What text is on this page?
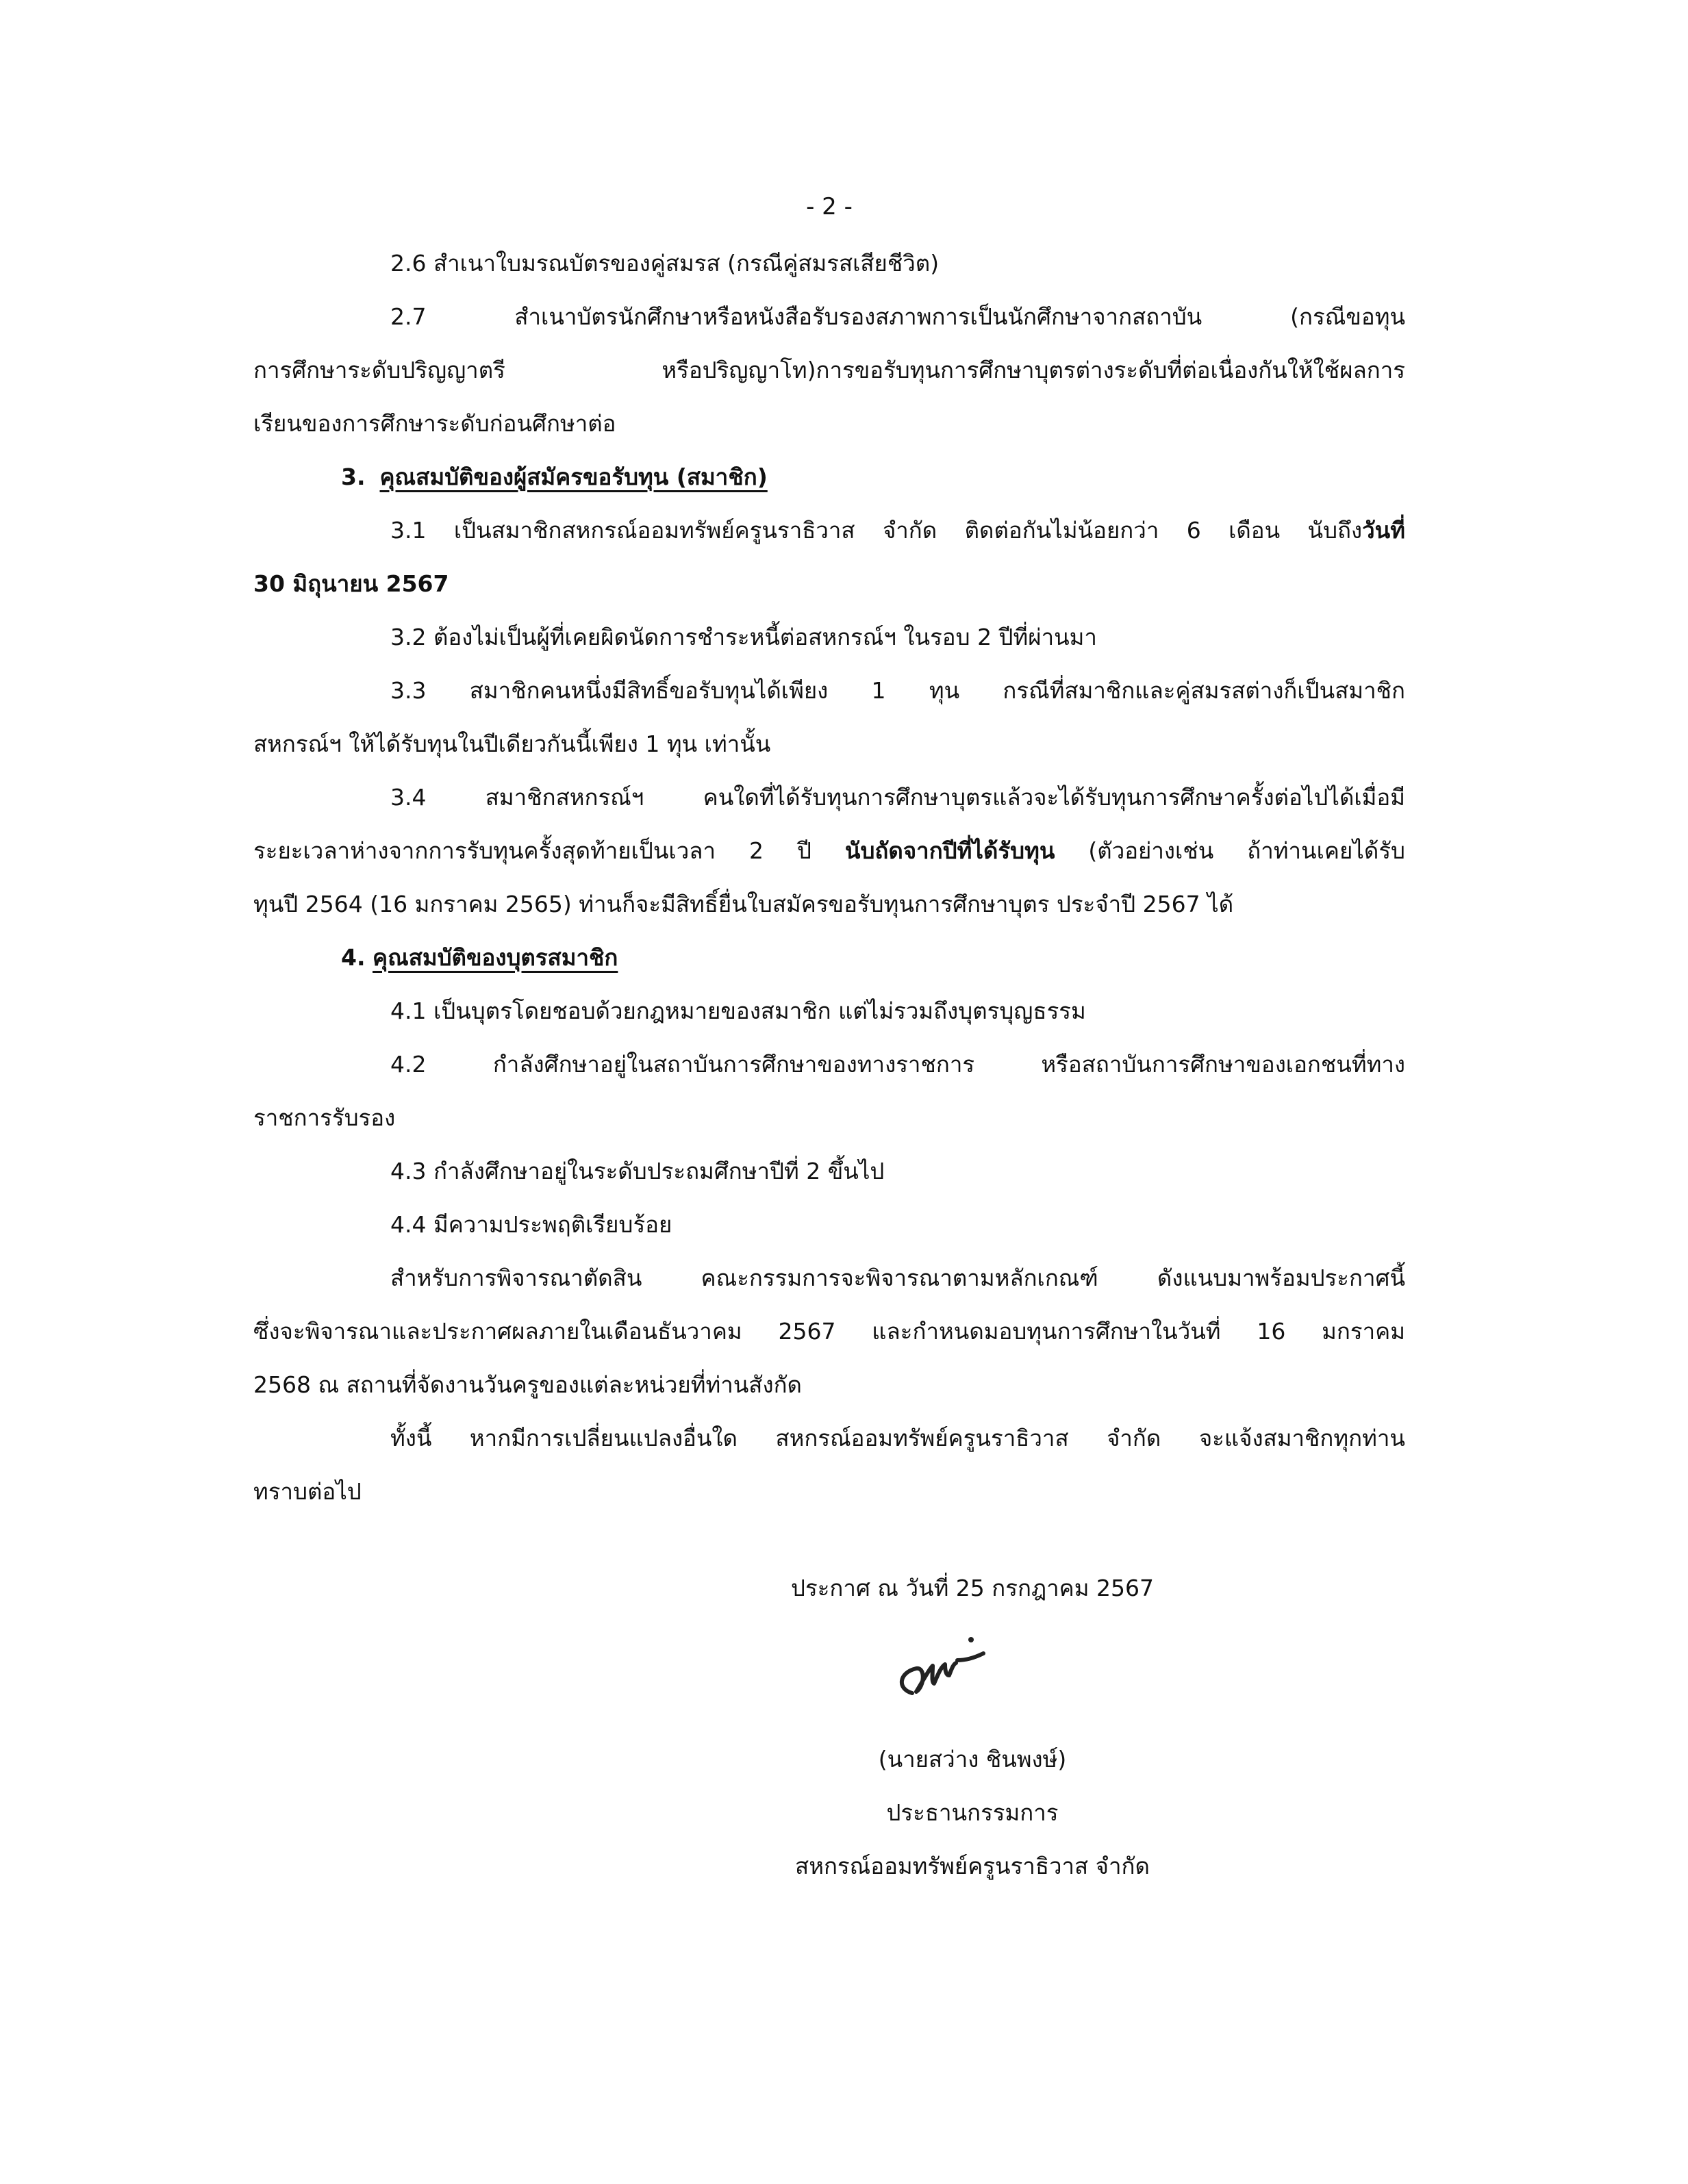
- 2 -
2.6 สำเนาใบมรณบัตรของคู่สมรส (กรณีคู่สมรสเสียชีวิต)
2.7 สำเนาบัตรนักศึกษาหรือหนังสือรับรองสภาพการเป็นนักศึกษาจากสถาบัน (กรณีขอทุน
การศึกษาระดับปริญญาตรี หรือปริญญาโท)การขอรับทุนการศึกษาบุตรต่างระดับที่ต่อเนื่องกันให้ใช้ผลการ
เรียนของการศึกษาระดับก่อนศึกษาต่อ
3. คุณสมบัติของผู้สมัครขอรับทุน (สมาชิก)
3.1 เป็นสมาชิกสหกรณ์ออมทรัพย์ครูนราธิวาส จำกัด ติดต่อกันไม่น้อยกว่า 6 เดือน นับถึงวันที่
30 มิถุนายน 2567
3.2 ต้องไม่เป็นผู้ที่เคยผิดนัดการชำระหนี้ต่อสหกรณ์ฯ ในรอบ 2 ปีที่ผ่านมา
3.3 สมาชิกคนหนึ่งมีสิทธิ์ขอรับทุนได้เพียง 1 ทุน กรณีที่สมาชิกและคู่สมรสต่างก็เป็นสมาชิก
สหกรณ์ฯ ให้ได้รับทุนในปีเดียวกันนี้เพียง 1 ทุน เท่านั้น
3.4 สมาชิกสหกรณ์ฯ คนใดที่ได้รับทุนการศึกษาบุตรแล้วจะได้รับทุนการศึกษาครั้งต่อไปได้เมื่อมี
ระยะเวลาห่างจากการรับทุนครั้งสุดท้ายเป็นเวลา 2 ปี นับถัดจากปีที่ได้รับทุน (ตัวอย่างเช่น ถ้าท่านเคยได้รับ
ทุนปี 2564 (16 มกราคม 2565) ท่านก็จะมีสิทธิ์ยื่นใบสมัครขอรับทุนการศึกษาบุตร ประจำปี 2567 ได้
4. คุณสมบัติของบุตรสมาชิก
4.1 เป็นบุตรโดยชอบด้วยกฎหมายของสมาชิก แต่ไม่รวมถึงบุตรบุญธรรม
4.2 กำลังศึกษาอยู่ในสถาบันการศึกษาของทางราชการ หรือสถาบันการศึกษาของเอกชนที่ทาง
ราชการรับรอง
4.3 กำลังศึกษาอยู่ในระดับประถมศึกษาปีที่ 2 ขึ้นไป
4.4 มีความประพฤติเรียบร้อย
สำหรับการพิจารณาตัดสิน คณะกรรมการจะพิจารณาตามหลักเกณฑ์ ดังแนบมาพร้อมประกาศนี้
ซึ่งจะพิจารณาและประกาศผลภายในเดือนธันวาคม 2567 และกำหนดมอบทุนการศึกษาในวันที่ 16 มกราคม
2568 ณ สถานที่จัดงานวันครูของแต่ละหน่วยที่ท่านสังกัด
ทั้งนี้ หากมีการเปลี่ยนแปลงอื่นใด สหกรณ์ออมทรัพย์ครูนราธิวาส จำกัด จะแจ้งสมาชิกทุกท่าน
ทราบต่อไป
ประกาศ ณ วันที่ 25 กรกฎาคม 2567
(นายสว่าง ชินพงษ์)
ประธานกรรมการ
สหกรณ์ออมทรัพย์ครูนราธิวาส จำกัด
